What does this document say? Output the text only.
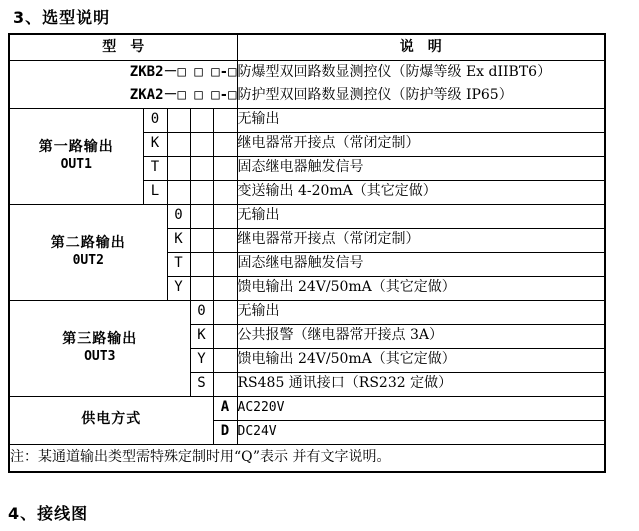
3、选型说明
型　号					说　明
ZKB2－□ □ □-□					防爆型双回路数显测控仪（防爆等级 Ex dIIBT6）
ZKA2－□ □ □-□					防护型双回路数显测控仪（防护等级 IP65）

第一路输出
OUT1	0				无输出
	K				继电器常开接点（常闭定制）
	T				固态继电器触发信号
	L				变送输出 4-20mA（其它定做）

第二路输出
0UT2		0			无输出
		K			继电器常开接点（常闭定制）
		T			固态继电器触发信号
		Y			馈电输出 24V/50mA（其它定做）

第三路输出
OUT3			0		无输出
			K		公共报警（继电器常开接点 3A）
			Y		馈电输出 24V/50mA（其它定做）
			S		RS485 通讯接口（RS232 定做）

供电方式				A	AC220V
				D	DC24V
注：某通道输出类型需特殊定制时用“Q”表示 并有文字说明。					
4、接线图
